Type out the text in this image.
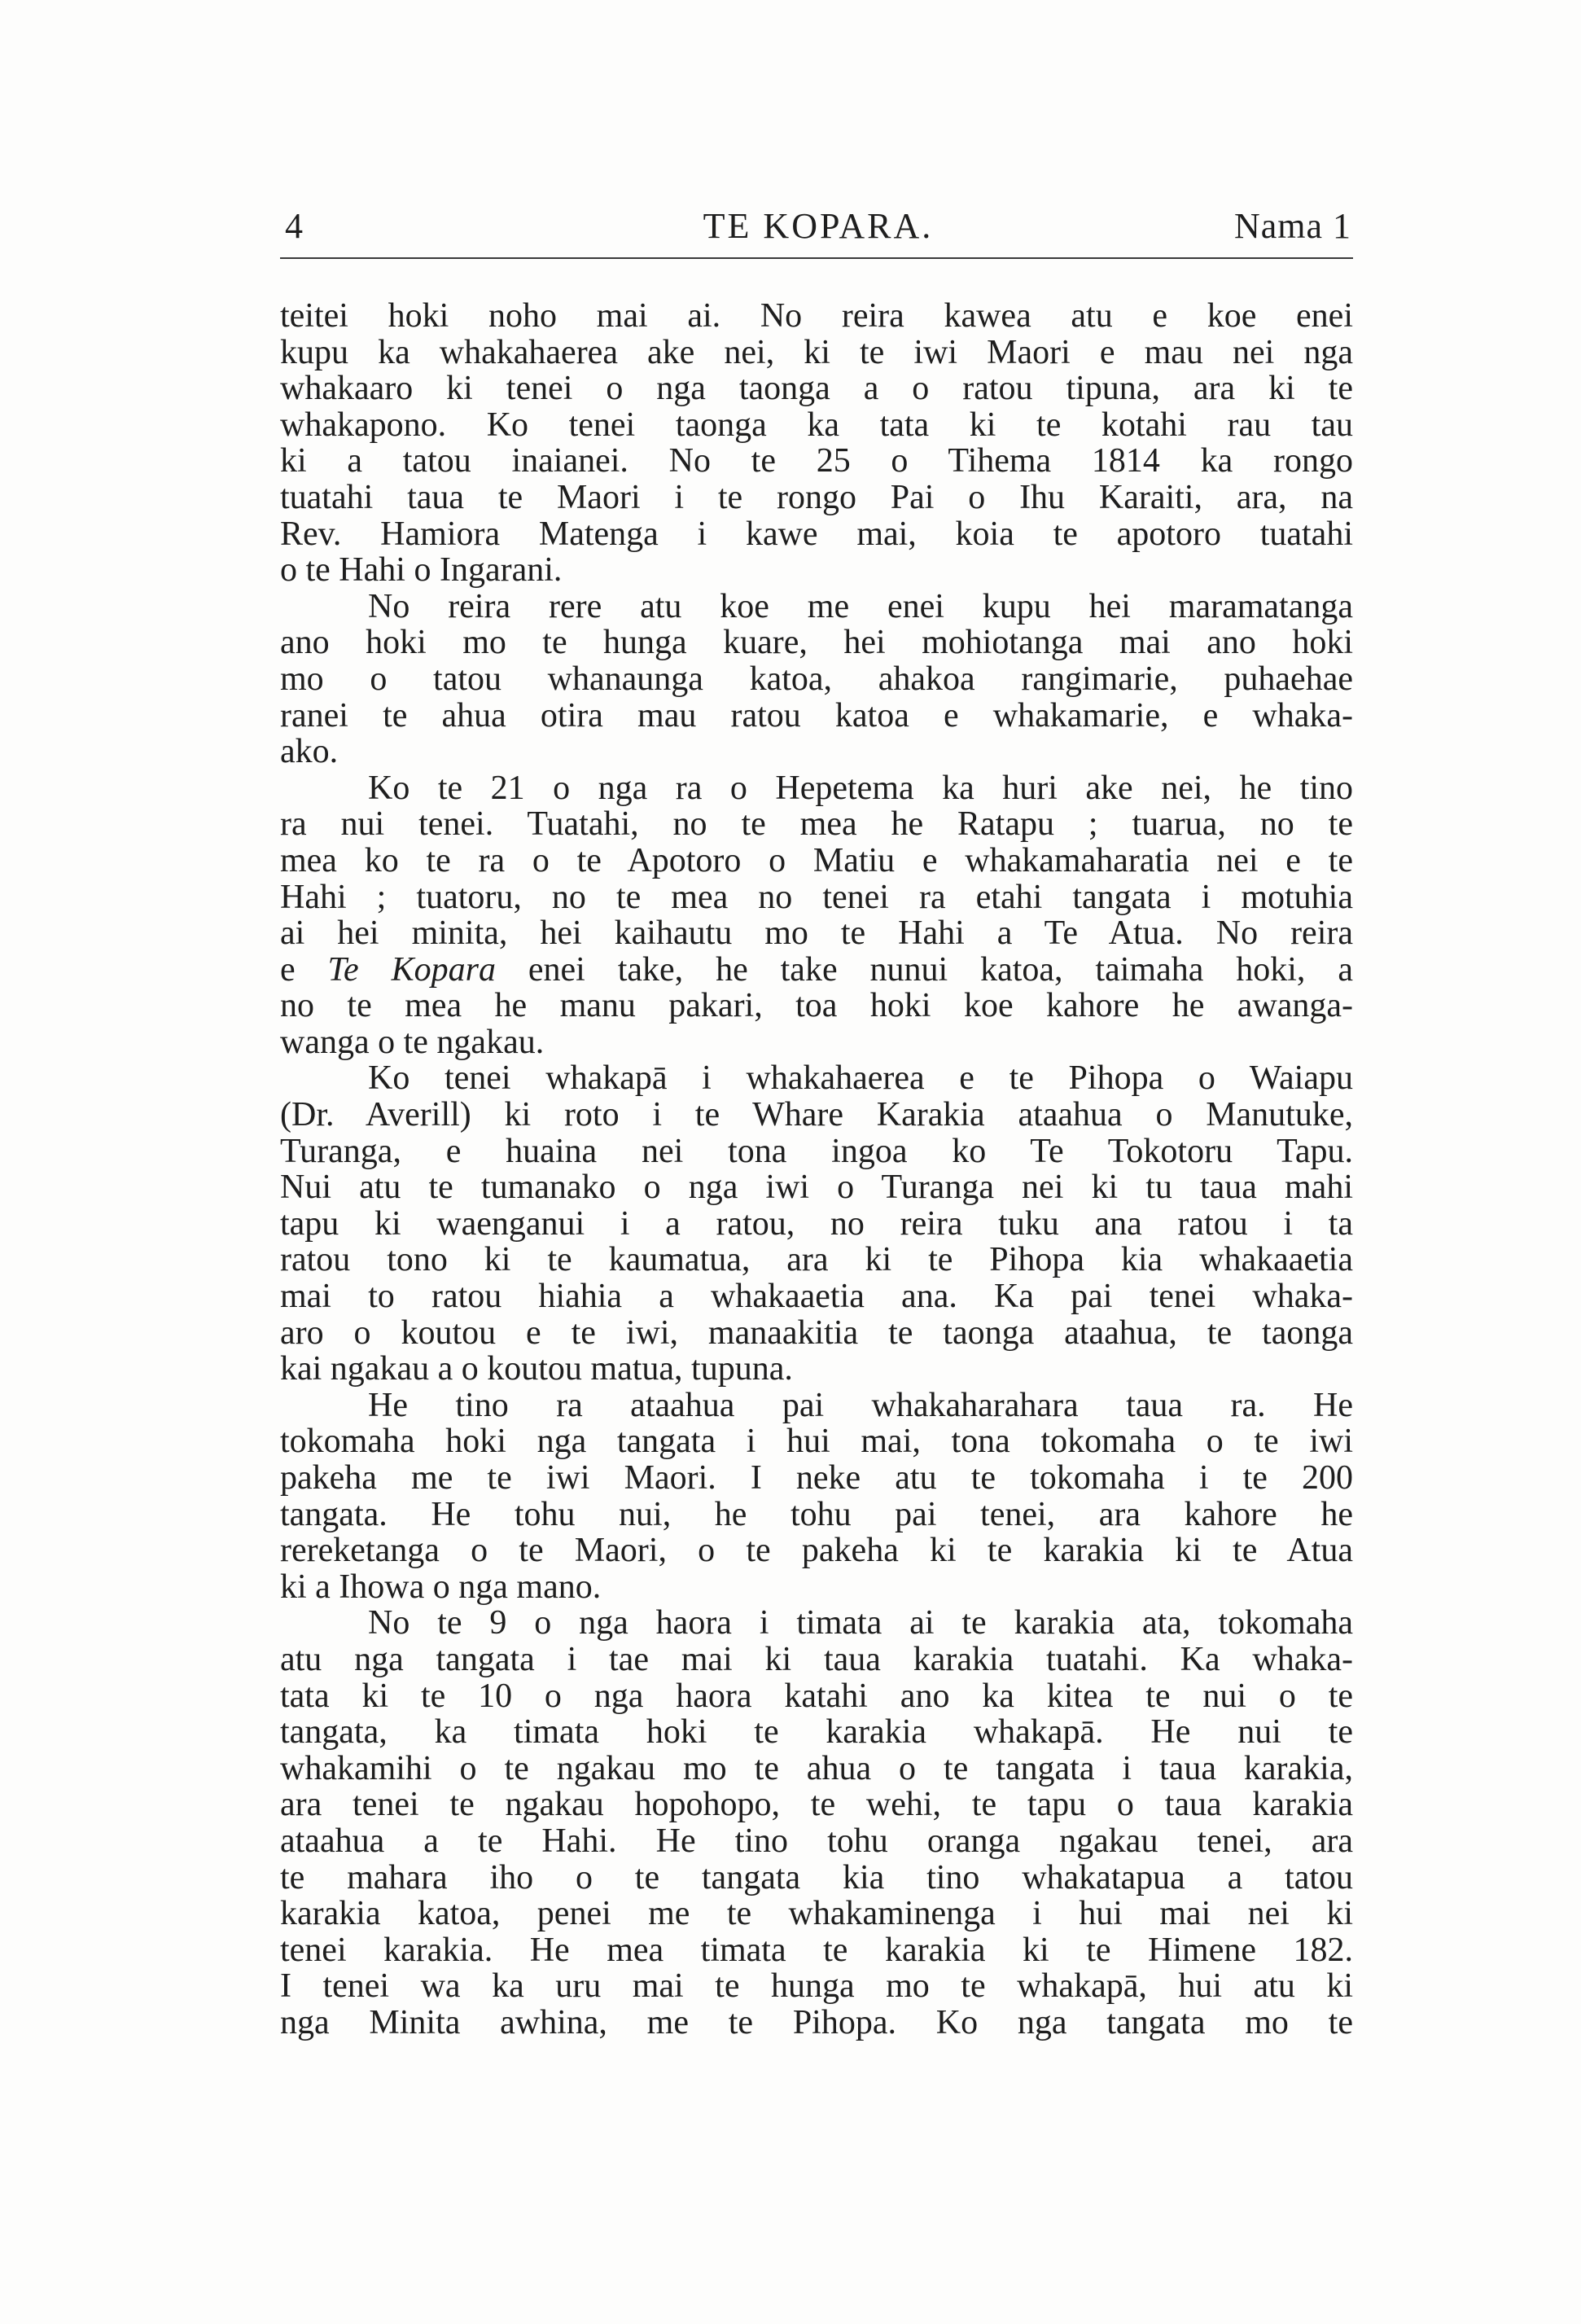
4	TE KOPARA.	Nama 1
teitei hoki noho mai ai. No reira kawea atu e koe enei
kupu ka whakahaerea ake nei, ki te iwi Maori e mau nei nga
whakaaro ki tenei o nga taonga a o ratou tipuna, ara ki te
whakapono. Ko tenei taonga ka tata ki te kotahi rau tau
ki a tatou inaianei. No te 25 o Tihema 1814 ka rongo
tuatahi taua te Maori i te rongo Pai o Ihu Karaiti, ara, na
Rev. Hamiora Matenga i kawe mai, koia te apotoro tuatahi
o te Hahi o Ingarani.
No reira rere atu koe me enei kupu hei maramatanga
ano hoki mo te hunga kuare, hei mohiotanga mai ano hoki
mo o tatou whanaunga katoa, ahakoa rangimarie, puhaehae
ranei te ahua otira mau ratou katoa e whakamarie, e whaka-
ako.
Ko te 21 o nga ra o Hepetema ka huri ake nei, he tino
ra nui tenei. Tuatahi, no te mea he Ratapu ; tuarua, no te
mea ko te ra o te Apotoro o Matiu e whakamaharatia nei e te
Hahi ; tuatoru, no te mea no tenei ra etahi tangata i motuhia
ai hei minita, hei kaihautu mo te Hahi a Te Atua. No reira
e Te Kopara enei take, he take nunui katoa, taimaha hoki, a
no te mea he manu pakari, toa hoki koe kahore he awanga-
wanga o te ngakau.
Ko tenei whakapā i whakahaerea e te Pihopa o Waiapu
(Dr. Averill) ki roto i te Whare Karakia ataahua o Manutuke,
Turanga, e huaina nei tona ingoa ko Te Tokotoru Tapu.
Nui atu te tumanako o nga iwi o Turanga nei ki tu taua mahi
tapu ki waenganui i a ratou, no reira tuku ana ratou i ta
ratou tono ki te kaumatua, ara ki te Pihopa kia whakaaetia
mai to ratou hiahia a whakaaetia ana. Ka pai tenei whaka-
aro o koutou e te iwi, manaakitia te taonga ataahua, te taonga
kai ngakau a o koutou matua, tupuna.
He tino ra ataahua pai whakaharahara taua ra. He
tokomaha hoki nga tangata i hui mai, tona tokomaha o te iwi
pakeha me te iwi Maori. I neke atu te tokomaha i te 200
tangata. He tohu nui, he tohu pai tenei, ara kahore he
rereketanga o te Maori, o te pakeha ki te karakia ki te Atua
ki a Ihowa o nga mano.
No te 9 o nga haora i timata ai te karakia ata, tokomaha
atu nga tangata i tae mai ki taua karakia tuatahi. Ka whaka-
tata ki te 10 o nga haora katahi ano ka kitea te nui o te
tangata, ka timata hoki te karakia whakapā. He nui te
whakamihi o te ngakau mo te ahua o te tangata i taua karakia,
ara tenei te ngakau hopohopo, te wehi, te tapu o taua karakia
ataahua a te Hahi. He tino tohu oranga ngakau tenei, ara
te mahara iho o te tangata kia tino whakatapua a tatou
karakia katoa, penei me te whakaminenga i hui mai nei ki
tenei karakia. He mea timata te karakia ki te Himene 182.
I tenei wa ka uru mai te hunga mo te whakapā, hui atu ki
nga Minita awhina, me te Pihopa. Ko nga tangata mo te
